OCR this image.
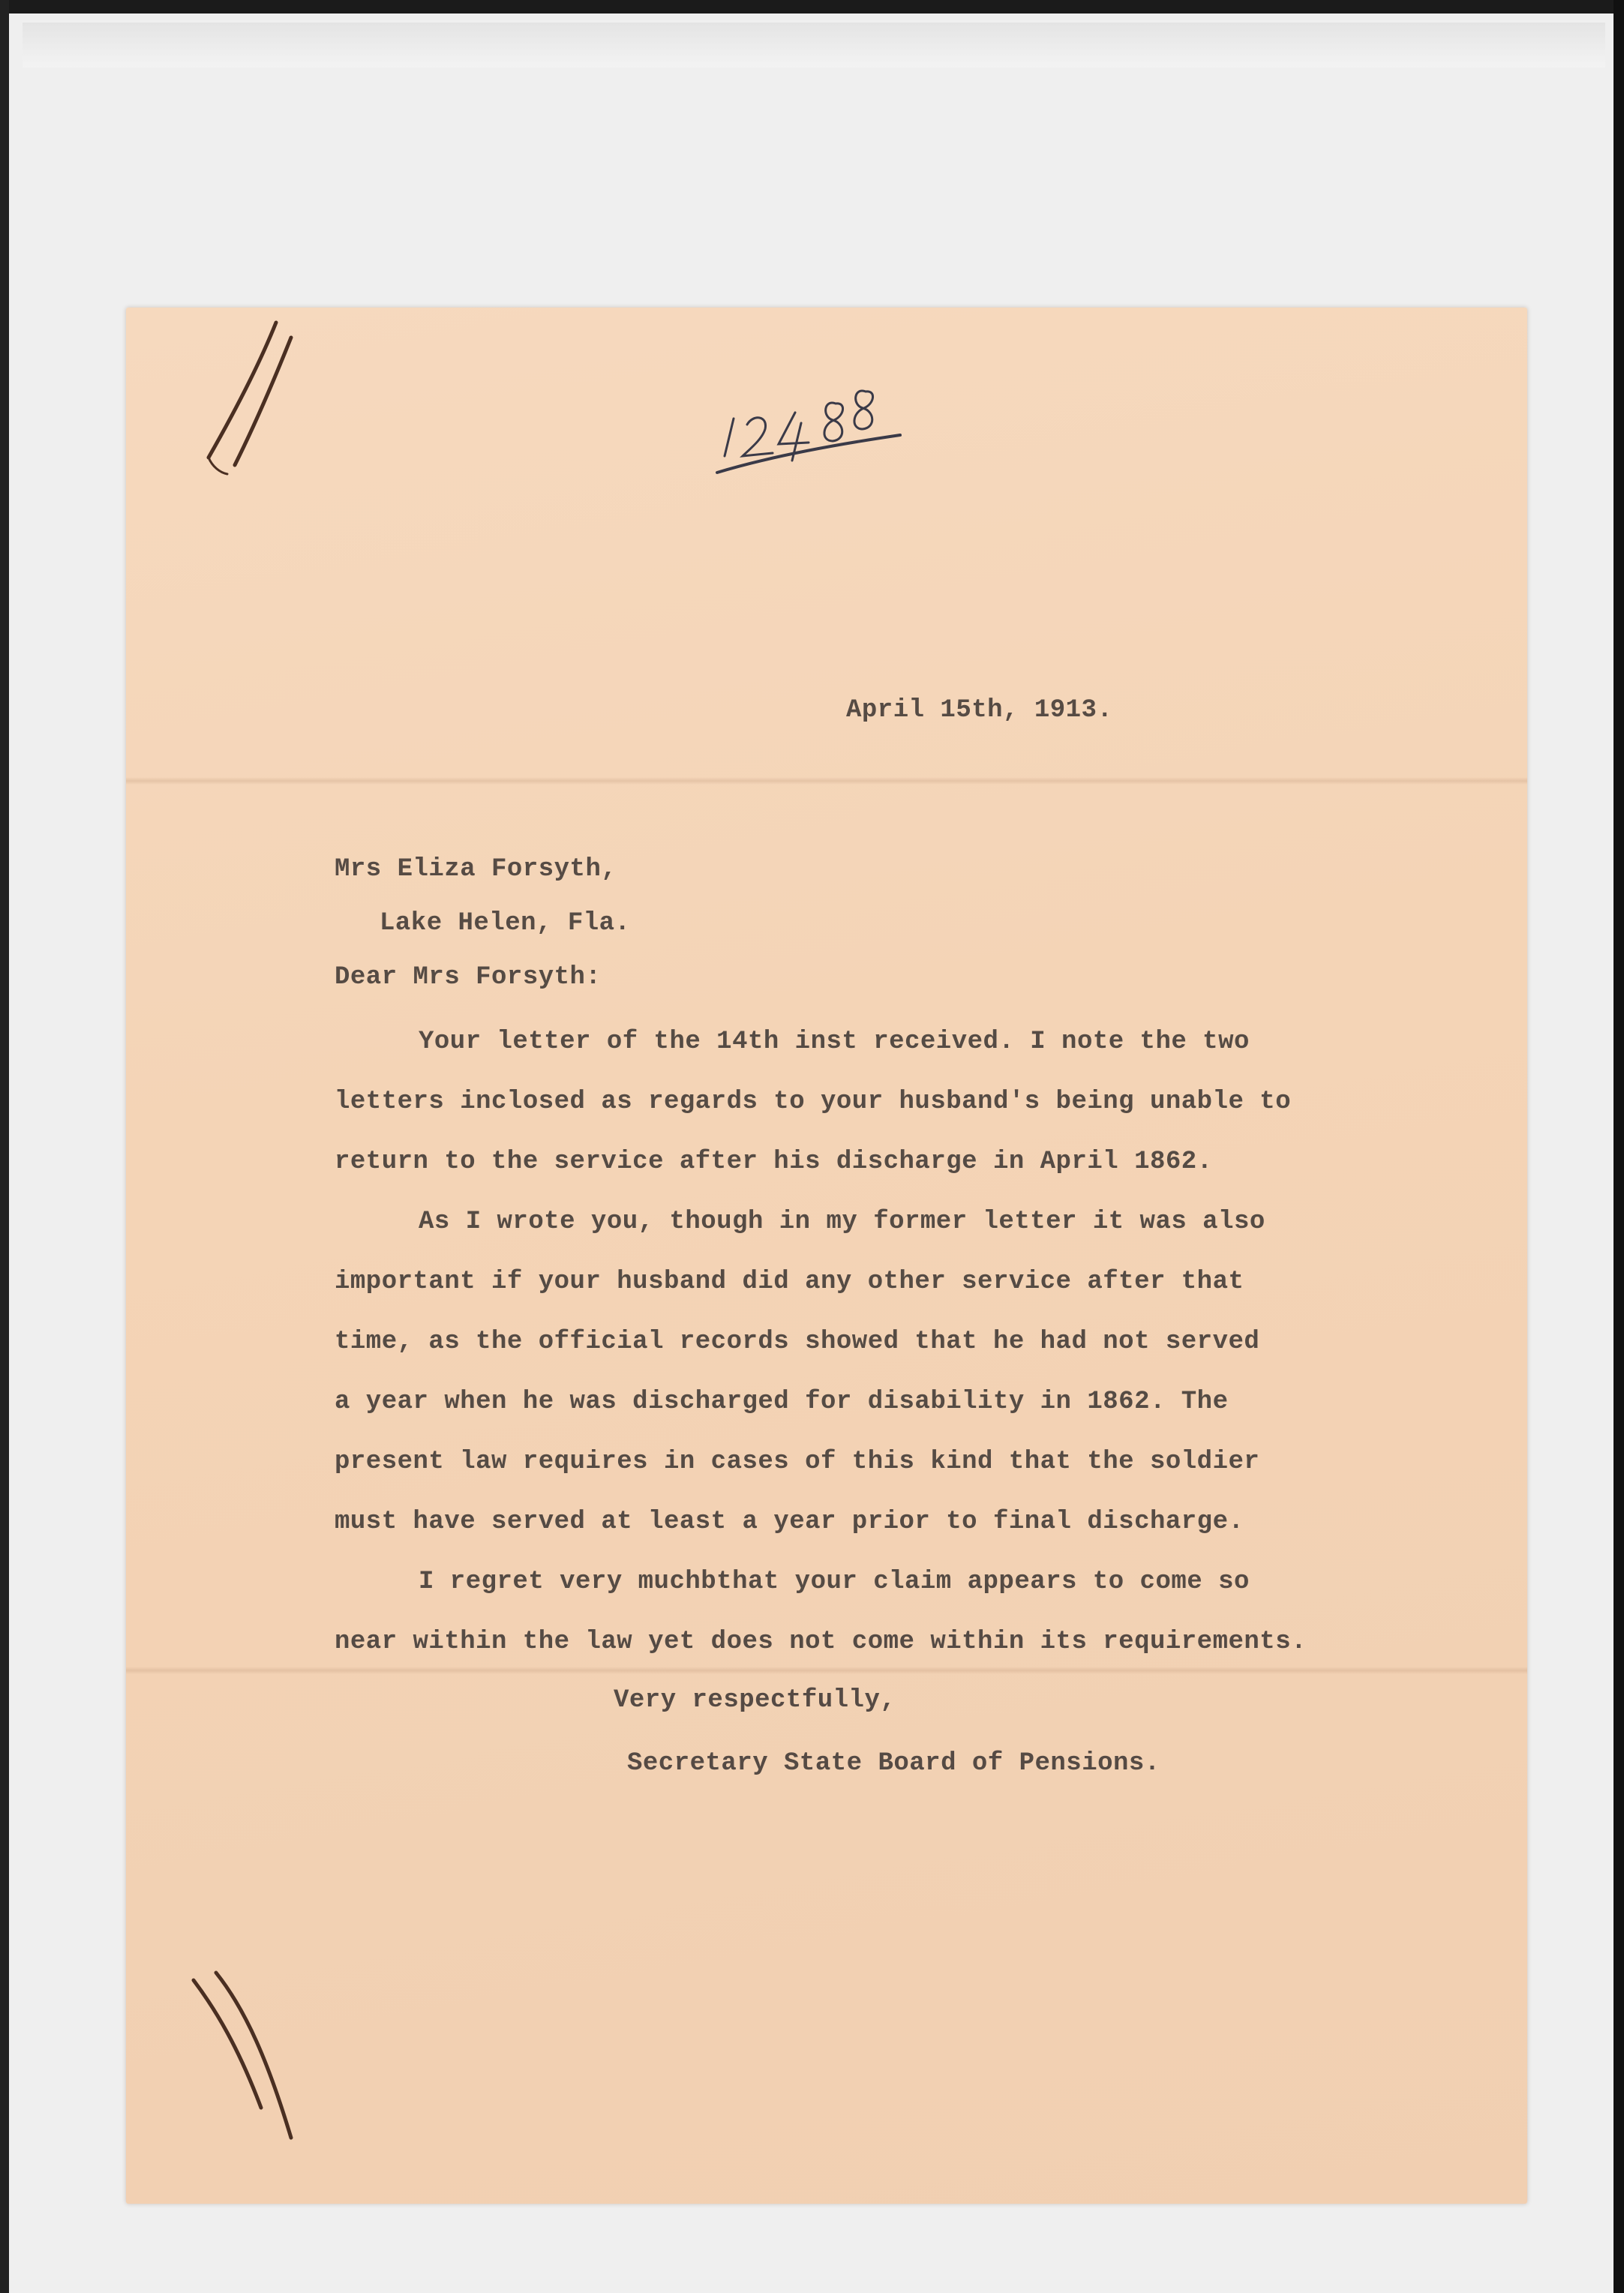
April 15th, 1913.
Mrs Eliza Forsyth,
Lake Helen, Fla.
Dear Mrs Forsyth:
Your letter of the 14th inst received. I note the two
letters inclosed as regards to your husband's being unable to
return to the service after his discharge in April 1862.
As I wrote you, though in my former letter it was also
important if your husband did any other service after that
time, as the official records showed that he had not served
a year when he was discharged for disability in 1862. The
present law requires in cases of this kind that the soldier
must have served at least a year prior to final discharge.
I regret very muchbthat your claim appears to come so
near within the law yet does not come within its requirements.
Very respectfully,
Secretary State Board of Pensions.
